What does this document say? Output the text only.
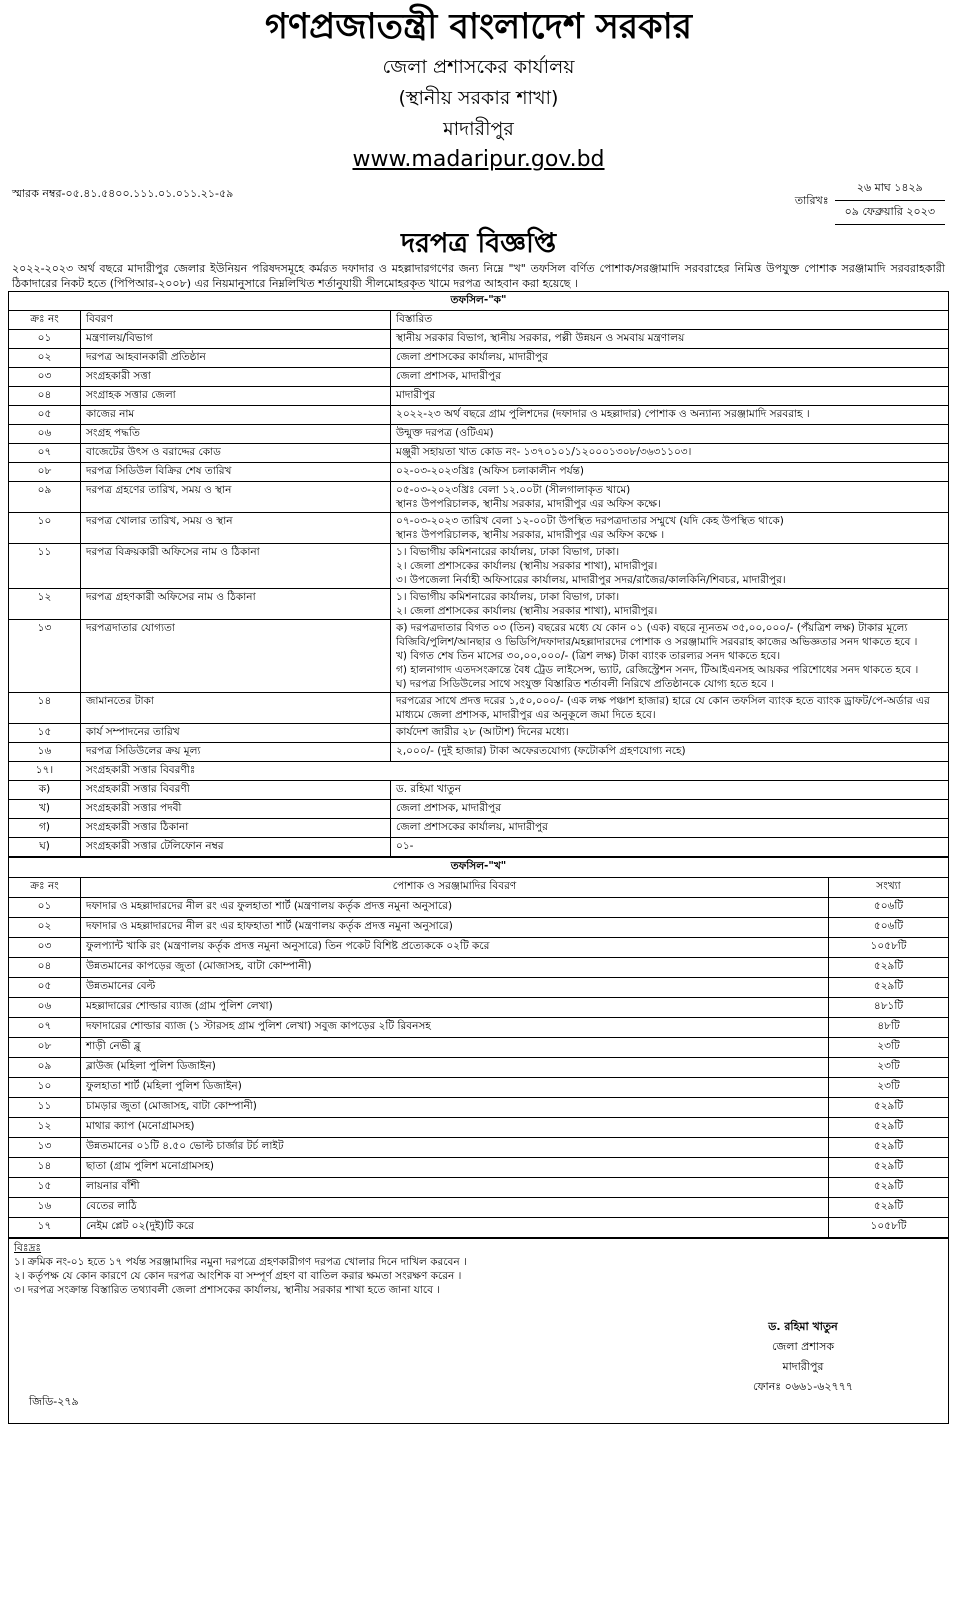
গণপ্রজাতন্ত্রী বাংলাদেশ সরকার
জেলা প্রশাসকের কার্যালয়
(স্থানীয় সরকার শাখা)
মাদারীপুর
www.madaripur.gov.bd
স্মারক নম্বর-০৫.৪১.৫৪০০.১১১.০১.০১১.২১-৫৯	তারিখঃ
২৬ মাঘ ১৪২৯
০৯ ফেব্রুয়ারি ২০২৩
দরপত্র বিজ্ঞপ্তি
২০২২-২০২৩ অর্থ বছরে মাদারীপুর জেলার ইউনিয়ন পরিষদসমূহে কর্মরত দফাদার ও মহল্লাদারগণের জন্য নিম্নে "খ" তফসিল বর্ণিত পোশাক/সরঞ্জামাদি সরবরাহের নিমিত্ত উপযুক্ত পোশাক সরঞ্জামাদি সরবরাহকারী ঠিকাদারের নিকট হতে (পিপিআর-২০০৮) এর নিয়মানুসারে নিম্নলিখিত শর্তানুযায়ী সীলমোহরকৃত খামে দরপত্র আহবান করা হয়েছে ।
তফসিল-"ক"		
ক্রঃ নং	বিবরণ	বিস্তারিত
০১	মন্ত্রণালয়/বিভাগ	স্থানীয় সরকার বিভাগ, স্থানীয় সরকার, পল্লী উন্নয়ন ও সমবায় মন্ত্রণালয়

০২	দরপত্র আহবানকারী প্রতিষ্ঠান	জেলা প্রশাসকের কার্যালয়, মাদারীপুর

০৩	সংগ্রহকারী সত্তা	জেলা প্রশাসক, মাদারীপুর

০৪	সংগ্রাহক সত্তার জেলা	মাদারীপুর

০৫	কাজের নাম	২০২২-২৩ অর্থ বছরে গ্রাম পুলিশদের (দফাদার ও মহল্লাদার) পোশাক ও অন্যান্য সরঞ্জামাদি সরবরাহ ।

০৬	সংগ্রহ পদ্ধতি	উন্মুক্ত দরপত্র (ওটিএম)

০৭	বাজেটের উৎস ও বরাদ্দের কোড	মঞ্জুরী সহায়তা খাত কোড নং- ১৩৭০১০১/১২০০০১৩০৮/৩৬৩১১০৩।

০৮	দরপত্র সিডিউল বিক্রির শেষ তারিখ	০২-০৩-২০২৩খ্রিঃ (অফিস চলাকালীন পর্যন্ত)

০৯	দরপত্র গ্রহণের তারিখ, সময় ও স্থান	০৫-০৩-২০২৩খ্রিঃ বেলা ১২.০০টা (সীলগালাকৃত খামে)
স্থানঃ উপপরিচালক, স্থানীয় সরকার, মাদারীপুর এর অফিস কক্ষে।

১০	দরপত্র খোলার তারিখ, সময় ও স্থান	০৭-০৩-২০২৩ তারিখ বেলা ১২-০০টা উপস্থিত দরপত্রদাতার সম্মুখে (যদি কেহ উপস্থিত থাকে)
স্থানঃ উপপরিচালক, স্থানীয় সরকার, মাদারীপুর এর অফিস কক্ষে ।

১১	দরপত্র বিক্রয়কারী অফিসের নাম ও ঠিকানা	১। বিভাগীয় কমিশনারের কার্যালয়, ঢাকা বিভাগ, ঢাকা।
২। জেলা প্রশাসকের কার্যালয় (স্থানীয় সরকার শাখা), মাদারীপুর।
৩। উপজেলা নির্বাহী অফিসারের কার্যালয়, মাদারীপুর সদর/রাজৈর/কালকিনি/শিবচর, মাদারীপুর।

১২	দরপত্র গ্রহণকারী অফিসের নাম ও ঠিকানা	১। বিভাগীয় কমিশনারের কার্যালয়, ঢাকা বিভাগ, ঢাকা।
২। জেলা প্রশাসকের কার্যালয় (স্থানীয় সরকার শাখা), মাদারীপুর।

১৩	দরপত্রদাতার যোগ্যতা	ক) দরপত্রদাতার বিগত ০৩ (তিন) বছরের মধ্যে যে কোন ০১ (এক) বছরে ন্যূনতম ৩৫,০০,০০০/- (পঁয়ত্রিশ লক্ষ) টাকার মূল্যে বিজিবি/পুলিশ/আনছার ও ভিডিপি/দফাদার/মহল্লাদারদের পোশাক ও সরঞ্জামাদি সরবরাহ কাজের অভিজ্ঞতার সনদ থাকতে হবে ।
খ) বিগত শেষ তিন মাসের ৩০,০০,০০০/- (ত্রিশ লক্ষ) টাকা ব্যাংক তারল্যর সনদ থাকতে হবে।
গ) হালনাগাদ এতদসংক্রান্তে বৈধ ট্রেড লাইসেন্স, ভ্যাট, রেজিস্ট্রেশন সনদ, টিআইএনসহ আয়কর পরিশোধের সনদ থাকতে হবে ।
ঘ) দরপত্র সিডিউলের সাথে সংযুক্ত বিস্তারিত শর্তাবলী নিরিখে প্রতিষ্ঠানকে যোগ্য হতে হবে ।

১৪	জামানতের টাকা	দরপত্রের সাথে প্রদত্ত দরের ১,৫০,০০০/- (এক লক্ষ পঞ্চাশ হাজার) হারে যে কোন তফসিল ব্যাংক হতে ব্যাংক ড্রাফট/পে-অর্ডার এর মাধ্যমে জেলা প্রশাসক, মাদারীপুর এর অনুকূলে জমা দিতে হবে।

১৫	কার্য সম্পাদনের তারিখ	কার্যদেশ জারীর ২৮ (আটাশ) দিনের মধ্যে।

১৬	দরপত্র সিডিউলের ক্রয় মূল্য	২,০০০/- (দুই হাজার) টাকা অফেরতযোগ্য (ফটোকপি গ্রহণযোগ্য নহে)

১৭।	সংগ্রহকারী সত্তার বিবরণীঃ	
ক)	সংগ্রহকারী সত্তার বিবরণী	ড. রহিমা খাতুন
খ)	সংগ্রহকারী সত্তার পদবী	জেলা প্রশাসক, মাদারীপুর
গ)	সংগ্রহকারী সত্তার ঠিকানা	জেলা প্রশাসকের কার্যালয়, মাদারীপুর
ঘ)	সংগ্রহকারী সত্তার টেলিফোন নম্বর	০১-
তফসিল-"খ"		
ক্রঃ নং	পোশাক ও সরঞ্জামাদির বিবরণ	সংখ্যা
০১	দফাদার ও মহল্লাদারদের নীল রং এর ফুলহাতা শার্ট (মন্ত্রণালয় কর্তৃক প্রদত্ত নমুনা অনুসারে)	৫০৬টি
০২	দফাদার ও মহল্লাদারদের নীল রং এর হাফহাতা শার্ট (মন্ত্রণালয় কর্তৃক প্রদত্ত নমুনা অনুসারে)	৫০৬টি
০৩	ফুলপ্যান্ট খাকি রং (মন্ত্রণালয় কর্তৃক প্রদত্ত নমুনা অনুসারে) তিন পকেট বিশিষ্ট প্রত্যেককে ০২টি করে	১০৫৮টি
০৪	উন্নতমানের কাপড়ের জুতা (মোজাসহ, বাটা কোম্পানী)	৫২৯টি
০৫	উন্নতমানের বেল্ট	৫২৯টি
০৬	মহল্লাদারের শোল্ডার ব্যাজ (গ্রাম পুলিশ লেখা)	৪৮১টি
০৭	দফাদারের শোল্ডার ব্যাজ (১ স্টারসহ গ্রাম পুলিশ লেখা) সবুজ কাপড়ের ২টি রিবনসহ	৪৮টি
০৮	শাড়ী নেভী ব্লু	২৩টি
০৯	ব্লাউজ (মহিলা পুলিশ ডিজাইন)	২৩টি
১০	ফুলহাতা শার্ট (মহিলা পুলিশ ডিজাইন)	২৩টি
১১	চামড়ার জুতা (মোজাসহ, বাটা কোম্পানী)	৫২৯টি
১২	মাথার ক্যাপ (মনোগ্রামসহ)	৫২৯টি
১৩	উন্নতমানের ০১টি ৪.৫০ ভোল্ট চার্জার টর্চ লাইট	৫২৯টি
১৪	ছাতা (গ্রাম পুলিশ মনোগ্রামসহ)	৫২৯টি
১৫	লায়নার বাঁশী	৫২৯টি
১৬	বেতের লাঠি	৫২৯টি
১৭	নেইম প্লেট ০২(দুই)টি করে	১০৫৮টি
বিঃদ্রঃ
১। ক্রমিক নং-০১ হতে ১৭ পর্যন্ত সরঞ্জামাদির নমুনা দরপত্রে গ্রহণকারীগণ দরপত্র খোলার দিনে দাখিল করবেন ।
২। কর্তৃপক্ষ যে কোন কারণে যে কোন দরপত্র আংশিক বা সম্পূর্ণ গ্রহণ বা বাতিল করার ক্ষমতা সংরক্ষণ করেন ।
৩। দরপত্র সংক্রান্ত বিস্তারিত তথ্যাবলী জেলা প্রশাসকের কার্যালয়, স্থানীয় সরকার শাখা হতে জানা যাবে ।
ড. রহিমা খাতুন
জেলা প্রশাসক
মাদারীপুর
ফোনঃ ০৬৬১-৬২৭৭৭
জিডি-২৭৯
